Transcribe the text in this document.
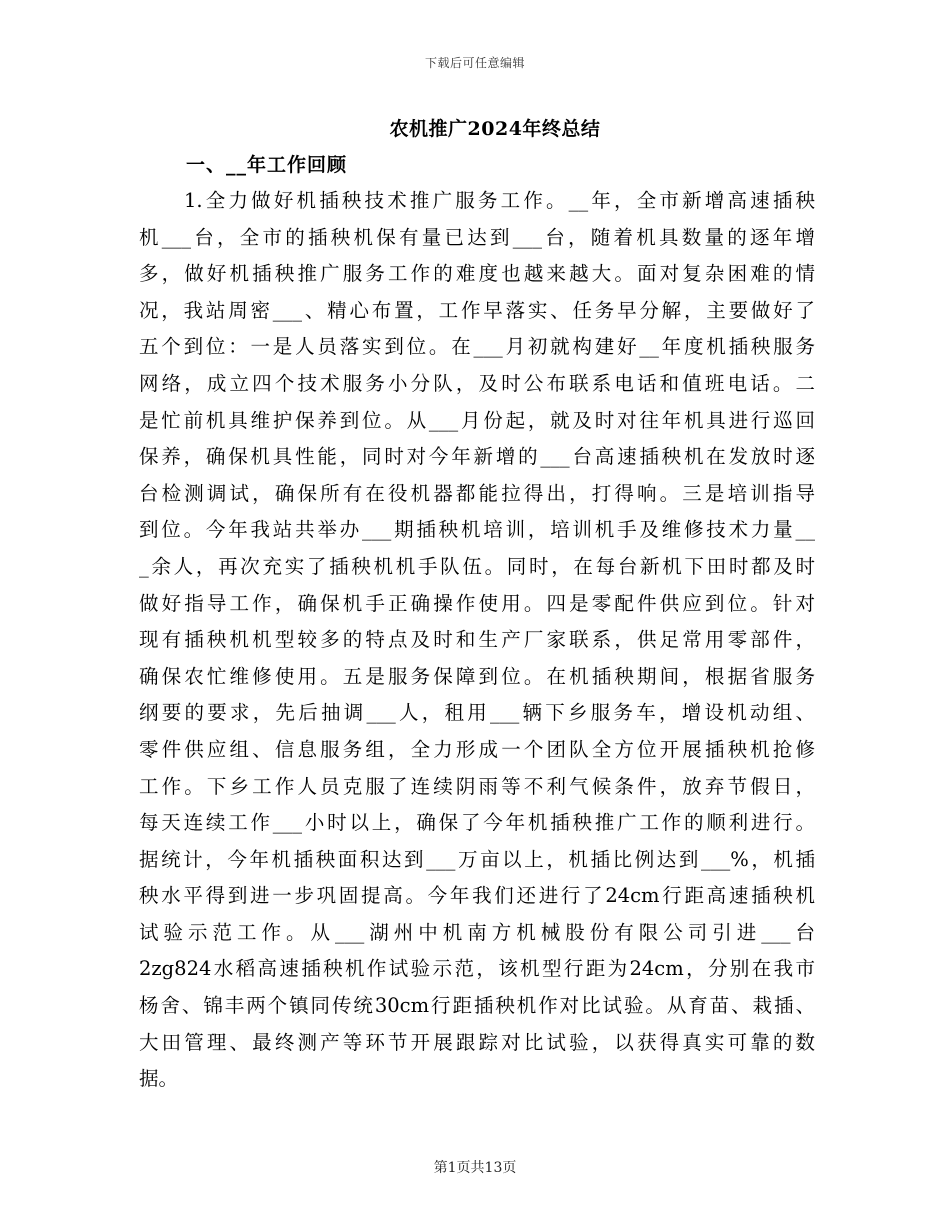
下载后可任意编辑
农机推广2024年终总结
一、__年工作回顾
1.全力做好机插秧技术推广服务工作。__年，全市新增高速插秧
机___台，全市的插秧机保有量已达到___台，随着机具数量的逐年增
多，做好机插秧推广服务工作的难度也越来越大。面对复杂困难的情
况，我站周密___、精心布置，工作早落实、任务早分解，主要做好了
五个到位：一是人员落实到位。在___月初就构建好__年度机插秧服务
网络，成立四个技术服务小分队，及时公布联系电话和值班电话。二
是忙前机具维护保养到位。从___月份起，就及时对往年机具进行巡回
保养，确保机具性能，同时对今年新增的___台高速插秧机在发放时逐
台检测调试，确保所有在役机器都能拉得出，打得响。三是培训指导
到位。今年我站共举办___期插秧机培训，培训机手及维修技术力量__
_余人，再次充实了插秧机机手队伍。同时，在每台新机下田时都及时
做好指导工作，确保机手正确操作使用。四是零配件供应到位。针对
现有插秧机机型较多的特点及时和生产厂家联系，供足常用零部件，
确保农忙维修使用。五是服务保障到位。在机插秧期间，根据省服务
纲要的要求，先后抽调___人，租用___辆下乡服务车，增设机动组、
零件供应组、信息服务组，全力形成一个团队全方位开展插秧机抢修
工作。下乡工作人员克服了连续阴雨等不利气候条件，放弃节假日，
每天连续工作___小时以上，确保了今年机插秧推广工作的顺利进行。
据统计，今年机插秧面积达到___万亩以上，机插比例达到___%，机插
秧水平得到进一步巩固提高。今年我们还进行了24cm行距高速插秧机
试验示范工作。从___湖州中机南方机械股份有限公司引进___台
2zg824水稻高速插秧机作试验示范，该机型行距为24cm，分别在我市
杨舍、锦丰两个镇同传统30cm行距插秧机作对比试验。从育苗、栽插、
大田管理、最终测产等环节开展跟踪对比试验，以获得真实可靠的数
据。
第1页共13页
